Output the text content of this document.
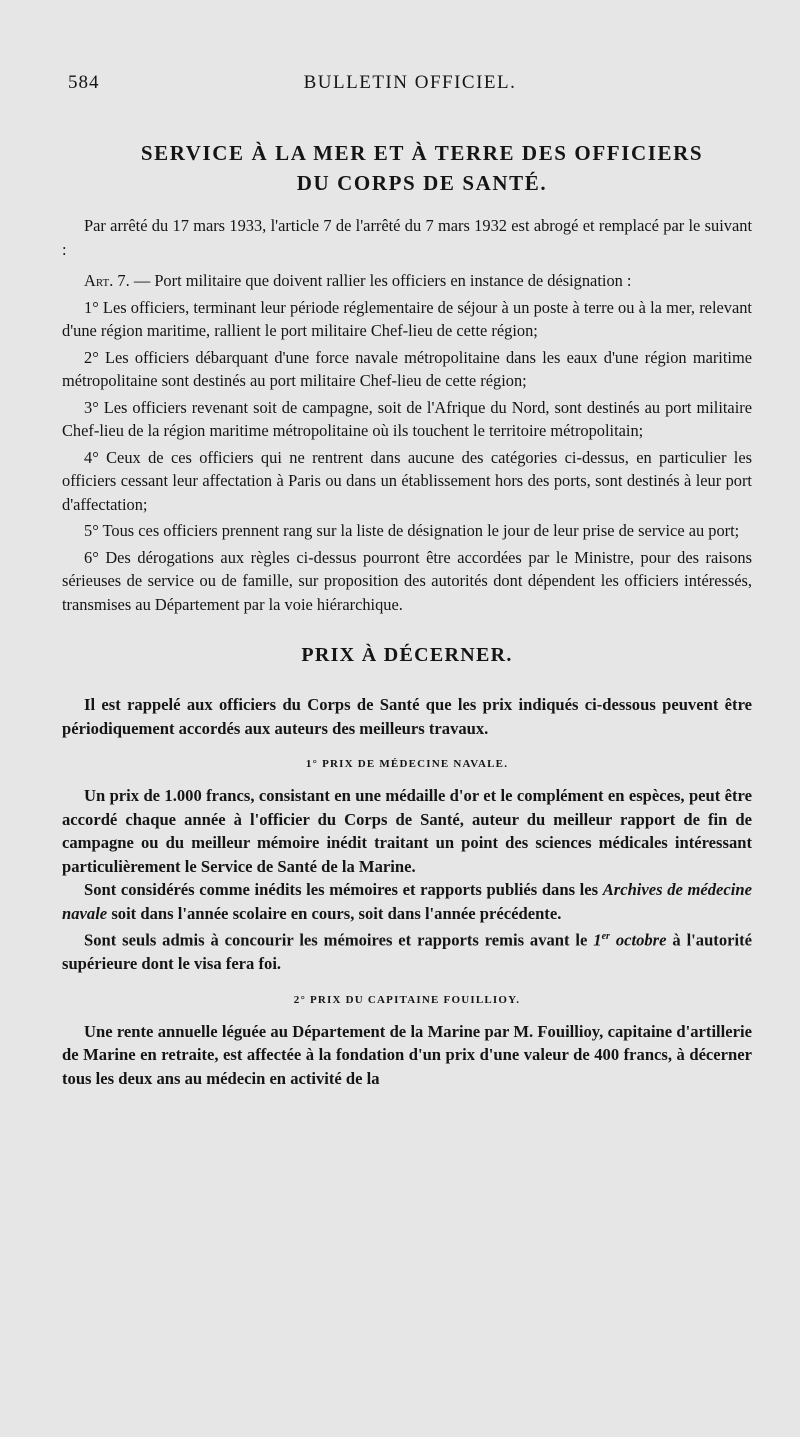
584	BULLETIN OFFICIEL.
SERVICE À LA MER ET À TERRE DES OFFICIERS
DU CORPS DE SANTÉ.

Par arrêté du 17 mars 1933, l'article 7 de l'arrêté du 7 mars 1932 est abrogé et remplacé par le suivant :

Art. 7. — Port militaire que doivent rallier les officiers en instance de désignation :

1° Les officiers, terminant leur période réglementaire de séjour à un poste à terre ou à la mer, relevant d'une région maritime, rallient le port militaire Chef-lieu de cette région;

2° Les officiers débarquant d'une force navale métropolitaine dans les eaux d'une région maritime métropolitaine sont destinés au port militaire Chef-lieu de cette région;

3° Les officiers revenant soit de campagne, soit de l'Afrique du Nord, sont destinés au port militaire Chef-lieu de la région maritime métropolitaine où ils touchent le territoire métropolitain;

4° Ceux de ces officiers qui ne rentrent dans aucune des catégories ci-dessus, en particulier les officiers cessant leur affectation à Paris ou dans un établissement hors des ports, sont destinés à leur port d'affectation;

5° Tous ces officiers prennent rang sur la liste de désignation le jour de leur prise de service au port;

6° Des dérogations aux règles ci-dessus pourront être accordées par le Ministre, pour des raisons sérieuses de service ou de famille, sur proposition des autorités dont dépendent les officiers intéressés, transmises au Département par la voie hiérarchique.

PRIX À DÉCERNER.

Il est rappelé aux officiers du Corps de Santé que les prix indiqués ci-dessous peuvent être périodiquement accordés aux auteurs des meilleurs travaux.

1° PRIX DE MÉDECINE NAVALE.

Un prix de 1.000 francs, consistant en une médaille d'or et le complément en espèces, peut être accordé chaque année à l'officier du Corps de Santé, auteur du meilleur rapport de fin de campagne ou du meilleur mémoire inédit traitant un point des sciences médicales intéressant particulièrement le Service de Santé de la Marine.

Sont considérés comme inédits les mémoires et rapports publiés dans les Archives de médecine navale soit dans l'année scolaire en cours, soit dans l'année précédente.

Sont seuls admis à concourir les mémoires et rapports remis avant le 1er octobre à l'autorité supérieure dont le visa fera foi.

2° PRIX DU CAPITAINE FOUILLIOY.

Une rente annuelle léguée au Département de la Marine par M. Fouillioy, capitaine d'artillerie de Marine en retraite, est affectée à la fondation d'un prix d'une valeur de 400 francs, à décerner tous les deux ans au médecin en activité de la
